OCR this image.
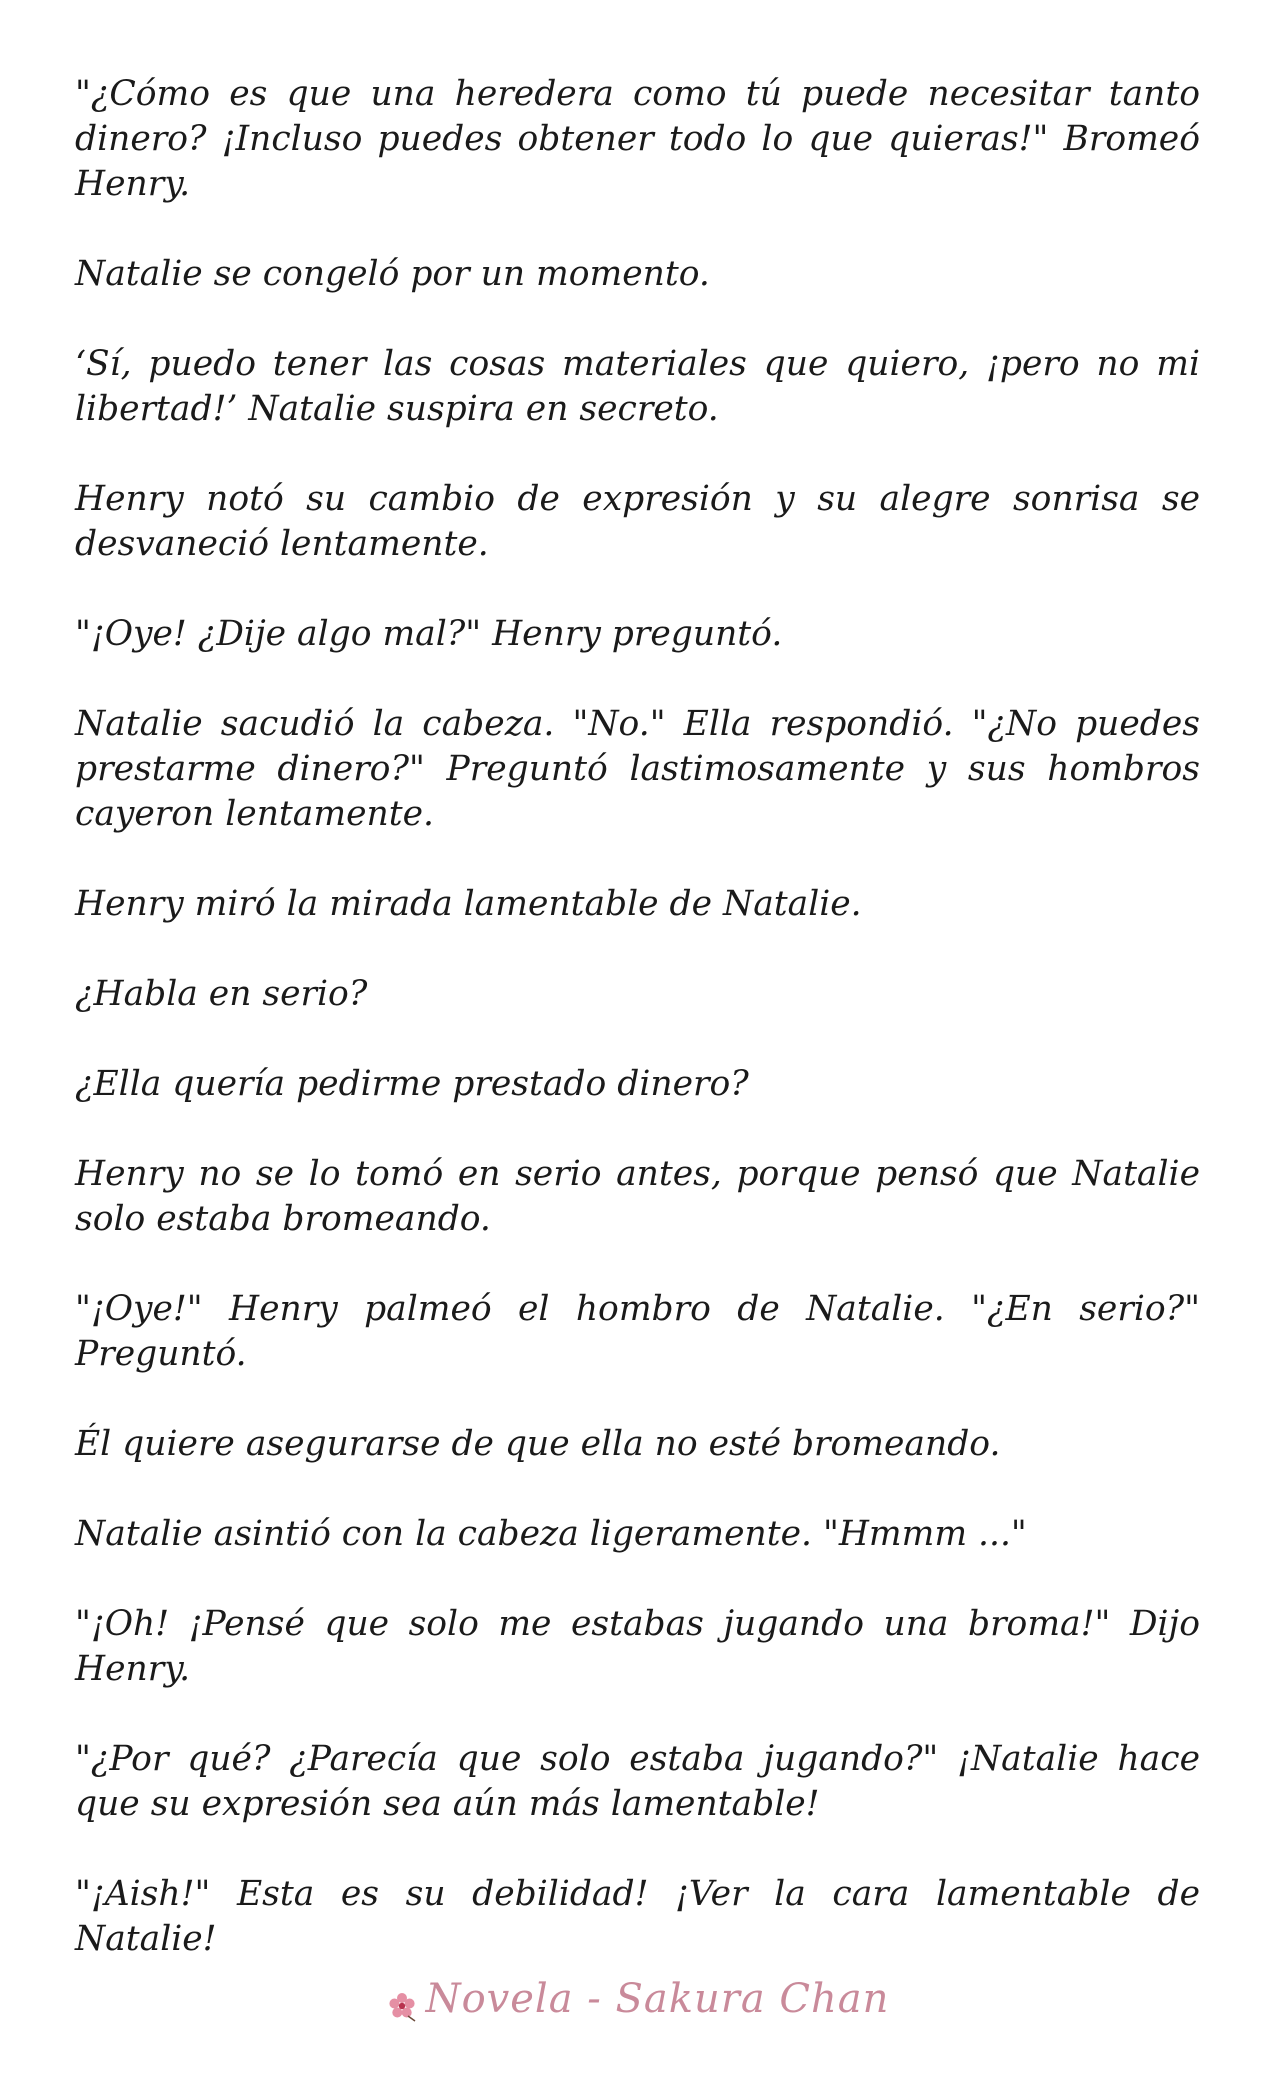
"¿Cómo es que una heredera como tú puede necesitar tanto dinero? ¡Incluso puedes obtener todo lo que quieras!" Bromeó Henry.

Natalie se congeló por un momento.

‘Sí, puedo tener las cosas materiales que quiero, ¡pero no mi libertad!’ Natalie suspira en secreto.

Henry notó su cambio de expresión y su alegre sonrisa se desvaneció lentamente.

"¡Oye! ¿Dije algo mal?" Henry preguntó.

Natalie sacudió la cabeza. "No." Ella respondió. "¿No puedes prestarme dinero?" Preguntó lastimosamente y sus hombros cayeron lentamente.

Henry miró la mirada lamentable de Natalie.

¿Habla en serio?

¿Ella quería pedirme prestado dinero?

Henry no se lo tomó en serio antes, porque pensó que Natalie solo estaba bromeando.

"¡Oye!" Henry palmeó el hombro de Natalie. "¿En serio?" Preguntó.

Él quiere asegurarse de que ella no esté bromeando.

Natalie asintió con la cabeza ligeramente. "Hmmm ..."

"¡Oh! ¡Pensé que solo me estabas jugando una broma!" Dijo Henry.

"¿Por qué? ¿Parecía que solo estaba jugando?" ¡Natalie hace que su expresión sea aún más lamentable!

"¡Aish!" Esta es su debilidad! ¡Ver la cara lamentable de Natalie!

Novela - Sakura Chan
